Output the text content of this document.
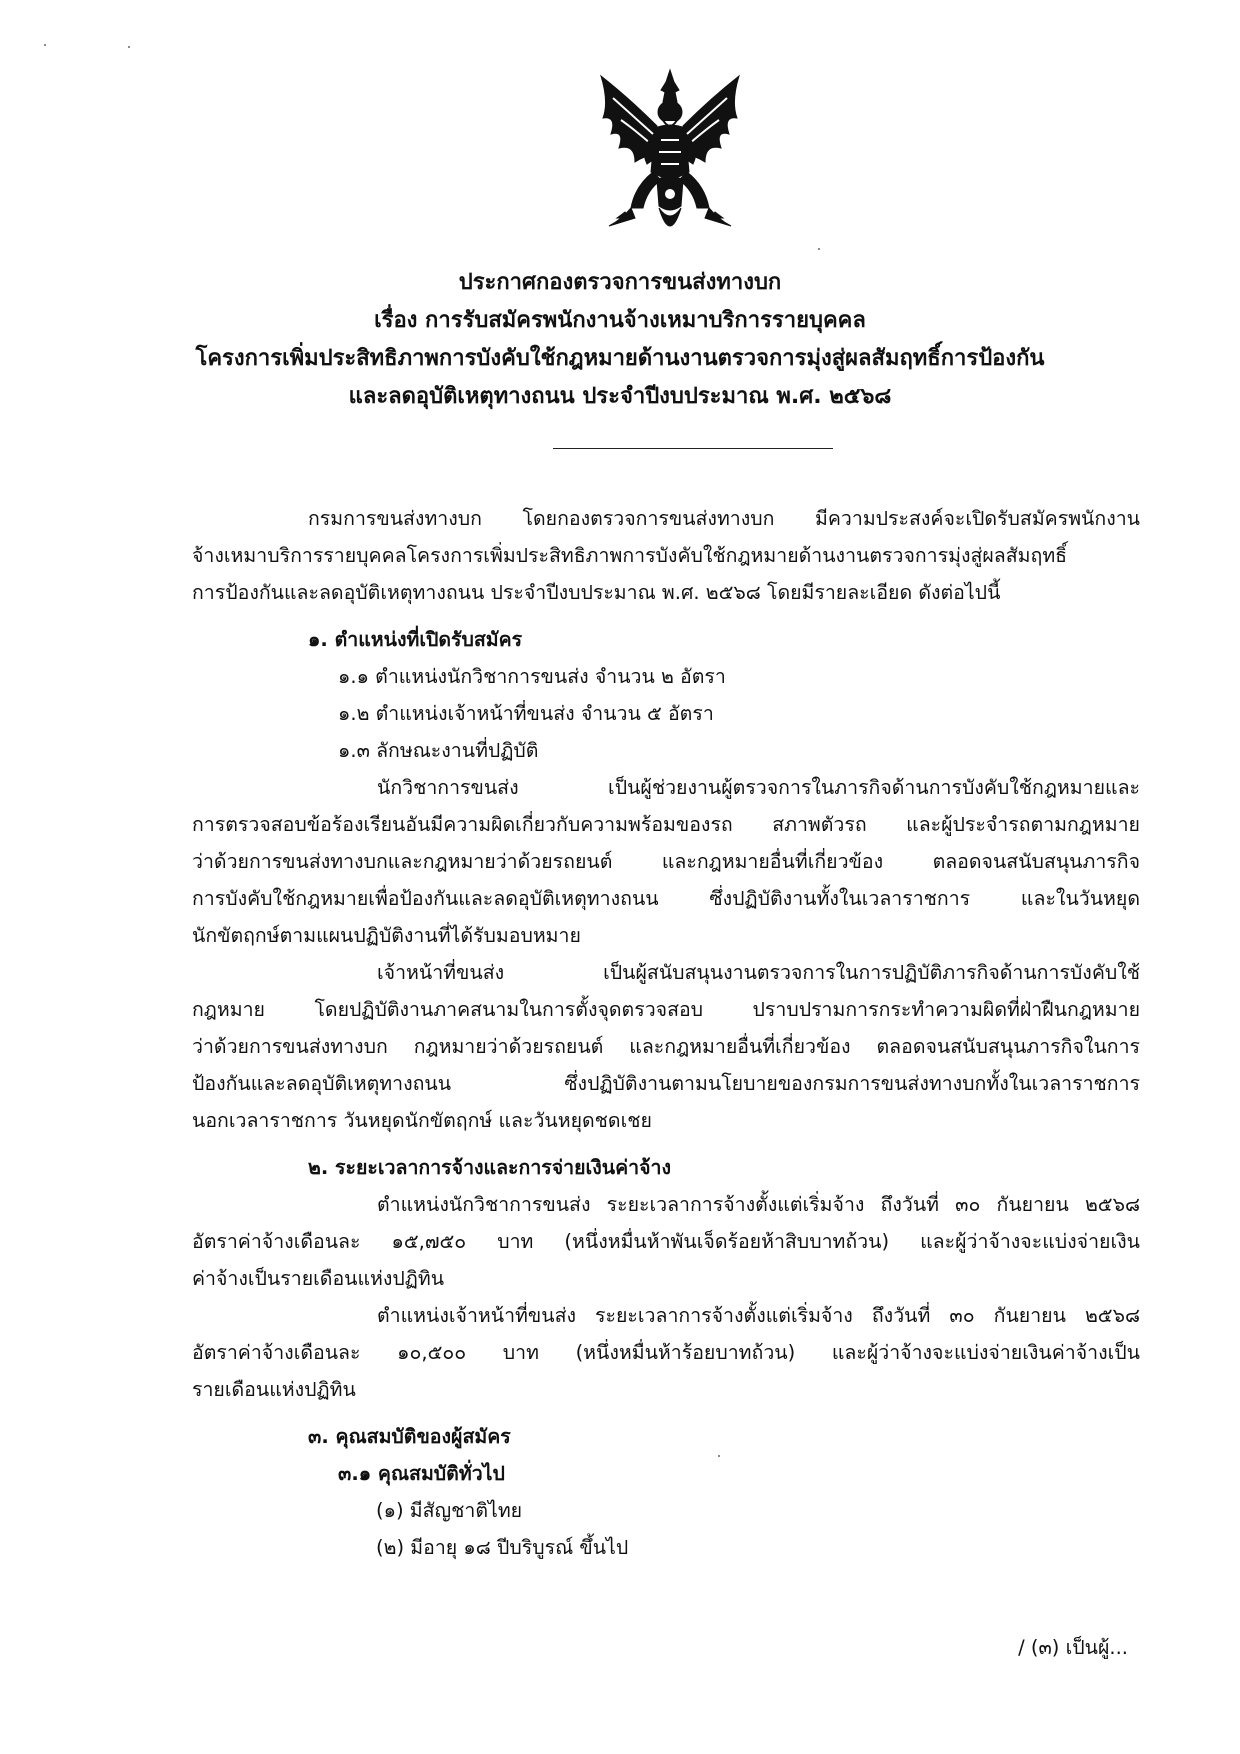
ประกาศกองตรวจการขนส่งทางบก
เรื่อง การรับสมัครพนักงานจ้างเหมาบริการรายบุคคล
โครงการเพิ่มประสิทธิภาพการบังคับใช้กฎหมายด้านงานตรวจการมุ่งสู่ผลสัมฤทธิ์การป้องกัน
และลดอุบัติเหตุทางถนน ประจำปีงบประมาณ พ.ศ. ๒๕๖๘
กรมการขนส่งทางบก โดยกองตรวจการขนส่งทางบก มีความประสงค์จะเปิดรับสมัครพนักงาน
จ้างเหมาบริการรายบุคคลโครงการเพิ่มประสิทธิภาพการบังคับใช้กฎหมายด้านงานตรวจการมุ่งสู่ผลสัมฤทธิ์
การป้องกันและลดอุบัติเหตุทางถนน ประจำปีงบประมาณ พ.ศ. ๒๕๖๘ โดยมีรายละเอียด ดังต่อไปนี้
๑. ตำแหน่งที่เปิดรับสมัคร
๑.๑ ตำแหน่งนักวิชาการขนส่ง จำนวน ๒ อัตรา
๑.๒ ตำแหน่งเจ้าหน้าที่ขนส่ง จำนวน ๕ อัตรา
๑.๓ ลักษณะงานที่ปฏิบัติ
นักวิชาการขนส่ง เป็นผู้ช่วยงานผู้ตรวจการในภารกิจด้านการบังคับใช้กฎหมายและ
การตรวจสอบข้อร้องเรียนอันมีความผิดเกี่ยวกับความพร้อมของรถ สภาพตัวรถ และผู้ประจำรถตามกฎหมาย
ว่าด้วยการขนส่งทางบกและกฎหมายว่าด้วยรถยนต์ และกฎหมายอื่นที่เกี่ยวข้อง ตลอดจนสนับสนุนภารกิจ
การบังคับใช้กฎหมายเพื่อป้องกันและลดอุบัติเหตุทางถนน ซึ่งปฏิบัติงานทั้งในเวลาราชการ และในวันหยุด
นักขัตฤกษ์ตามแผนปฏิบัติงานที่ได้รับมอบหมาย
เจ้าหน้าที่ขนส่ง เป็นผู้สนับสนุนงานตรวจการในการปฏิบัติภารกิจด้านการบังคับใช้
กฎหมาย โดยปฏิบัติงานภาคสนามในการตั้งจุดตรวจสอบ ปราบปรามการกระทำความผิดที่ฝ่าฝืนกฎหมาย
ว่าด้วยการขนส่งทางบก กฎหมายว่าด้วยรถยนต์ และกฎหมายอื่นที่เกี่ยวข้อง ตลอดจนสนับสนุนภารกิจในการ
ป้องกันและลดอุบัติเหตุทางถนน ซึ่งปฏิบัติงานตามนโยบายของกรมการขนส่งทางบกทั้งในเวลาราชการ
นอกเวลาราชการ วันหยุดนักขัตฤกษ์ และวันหยุดชดเชย
๒. ระยะเวลาการจ้างและการจ่ายเงินค่าจ้าง
ตำแหน่งนักวิชาการขนส่ง ระยะเวลาการจ้างตั้งแต่เริ่มจ้าง ถึงวันที่ ๓๐ กันยายน ๒๕๖๘
อัตราค่าจ้างเดือนละ ๑๕,๗๕๐ บาท (หนึ่งหมื่นห้าพันเจ็ดร้อยห้าสิบบาทถ้วน) และผู้ว่าจ้างจะแบ่งจ่ายเงิน
ค่าจ้างเป็นรายเดือนแห่งปฏิทิน
ตำแหน่งเจ้าหน้าที่ขนส่ง ระยะเวลาการจ้างตั้งแต่เริ่มจ้าง ถึงวันที่ ๓๐ กันยายน ๒๕๖๘
อัตราค่าจ้างเดือนละ ๑๐,๕๐๐ บาท (หนึ่งหมื่นห้าร้อยบาทถ้วน) และผู้ว่าจ้างจะแบ่งจ่ายเงินค่าจ้างเป็น
รายเดือนแห่งปฏิทิน
๓. คุณสมบัติของผู้สมัคร
๓.๑ คุณสมบัติทั่วไป
(๑) มีสัญชาติไทย
(๒) มีอายุ ๑๘ ปีบริบูรณ์ ขึ้นไป
/ (๓) เป็นผู้...
